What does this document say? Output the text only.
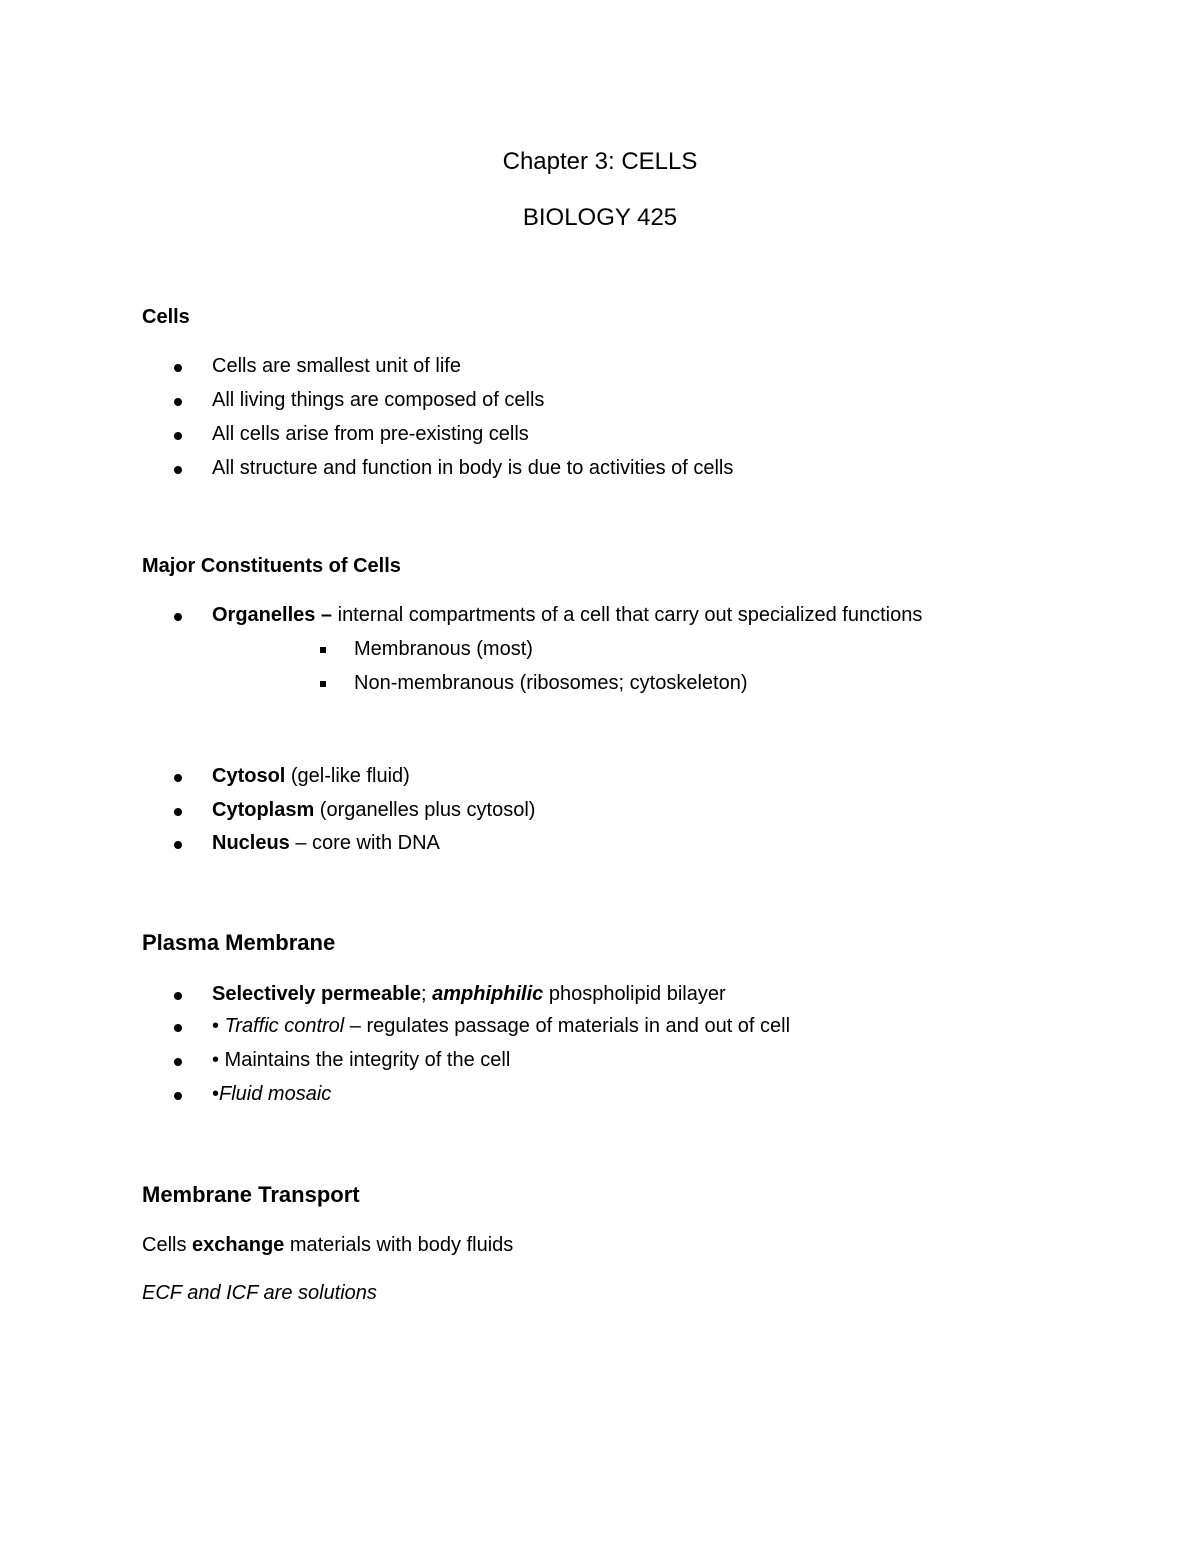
Chapter 3: CELLS
BIOLOGY 425
Cells
Cells are smallest unit of life
All living things are composed of cells
All cells arise from pre-existing cells
All structure and function in body is due to activities of cells
Major Constituents of Cells
Organelles – internal compartments of a cell that carry out specialized functions
Membranous (most)
Non-membranous (ribosomes; cytoskeleton)
Cytosol (gel-like fluid)
Cytoplasm (organelles plus cytosol)
Nucleus – core with DNA
Plasma Membrane
Selectively permeable; amphiphilic phospholipid bilayer
• Traffic control – regulates passage of materials in and out of cell
• Maintains the integrity of the cell
•Fluid mosaic
Membrane Transport
Cells exchange materials with body fluids
ECF and ICF are solutions
